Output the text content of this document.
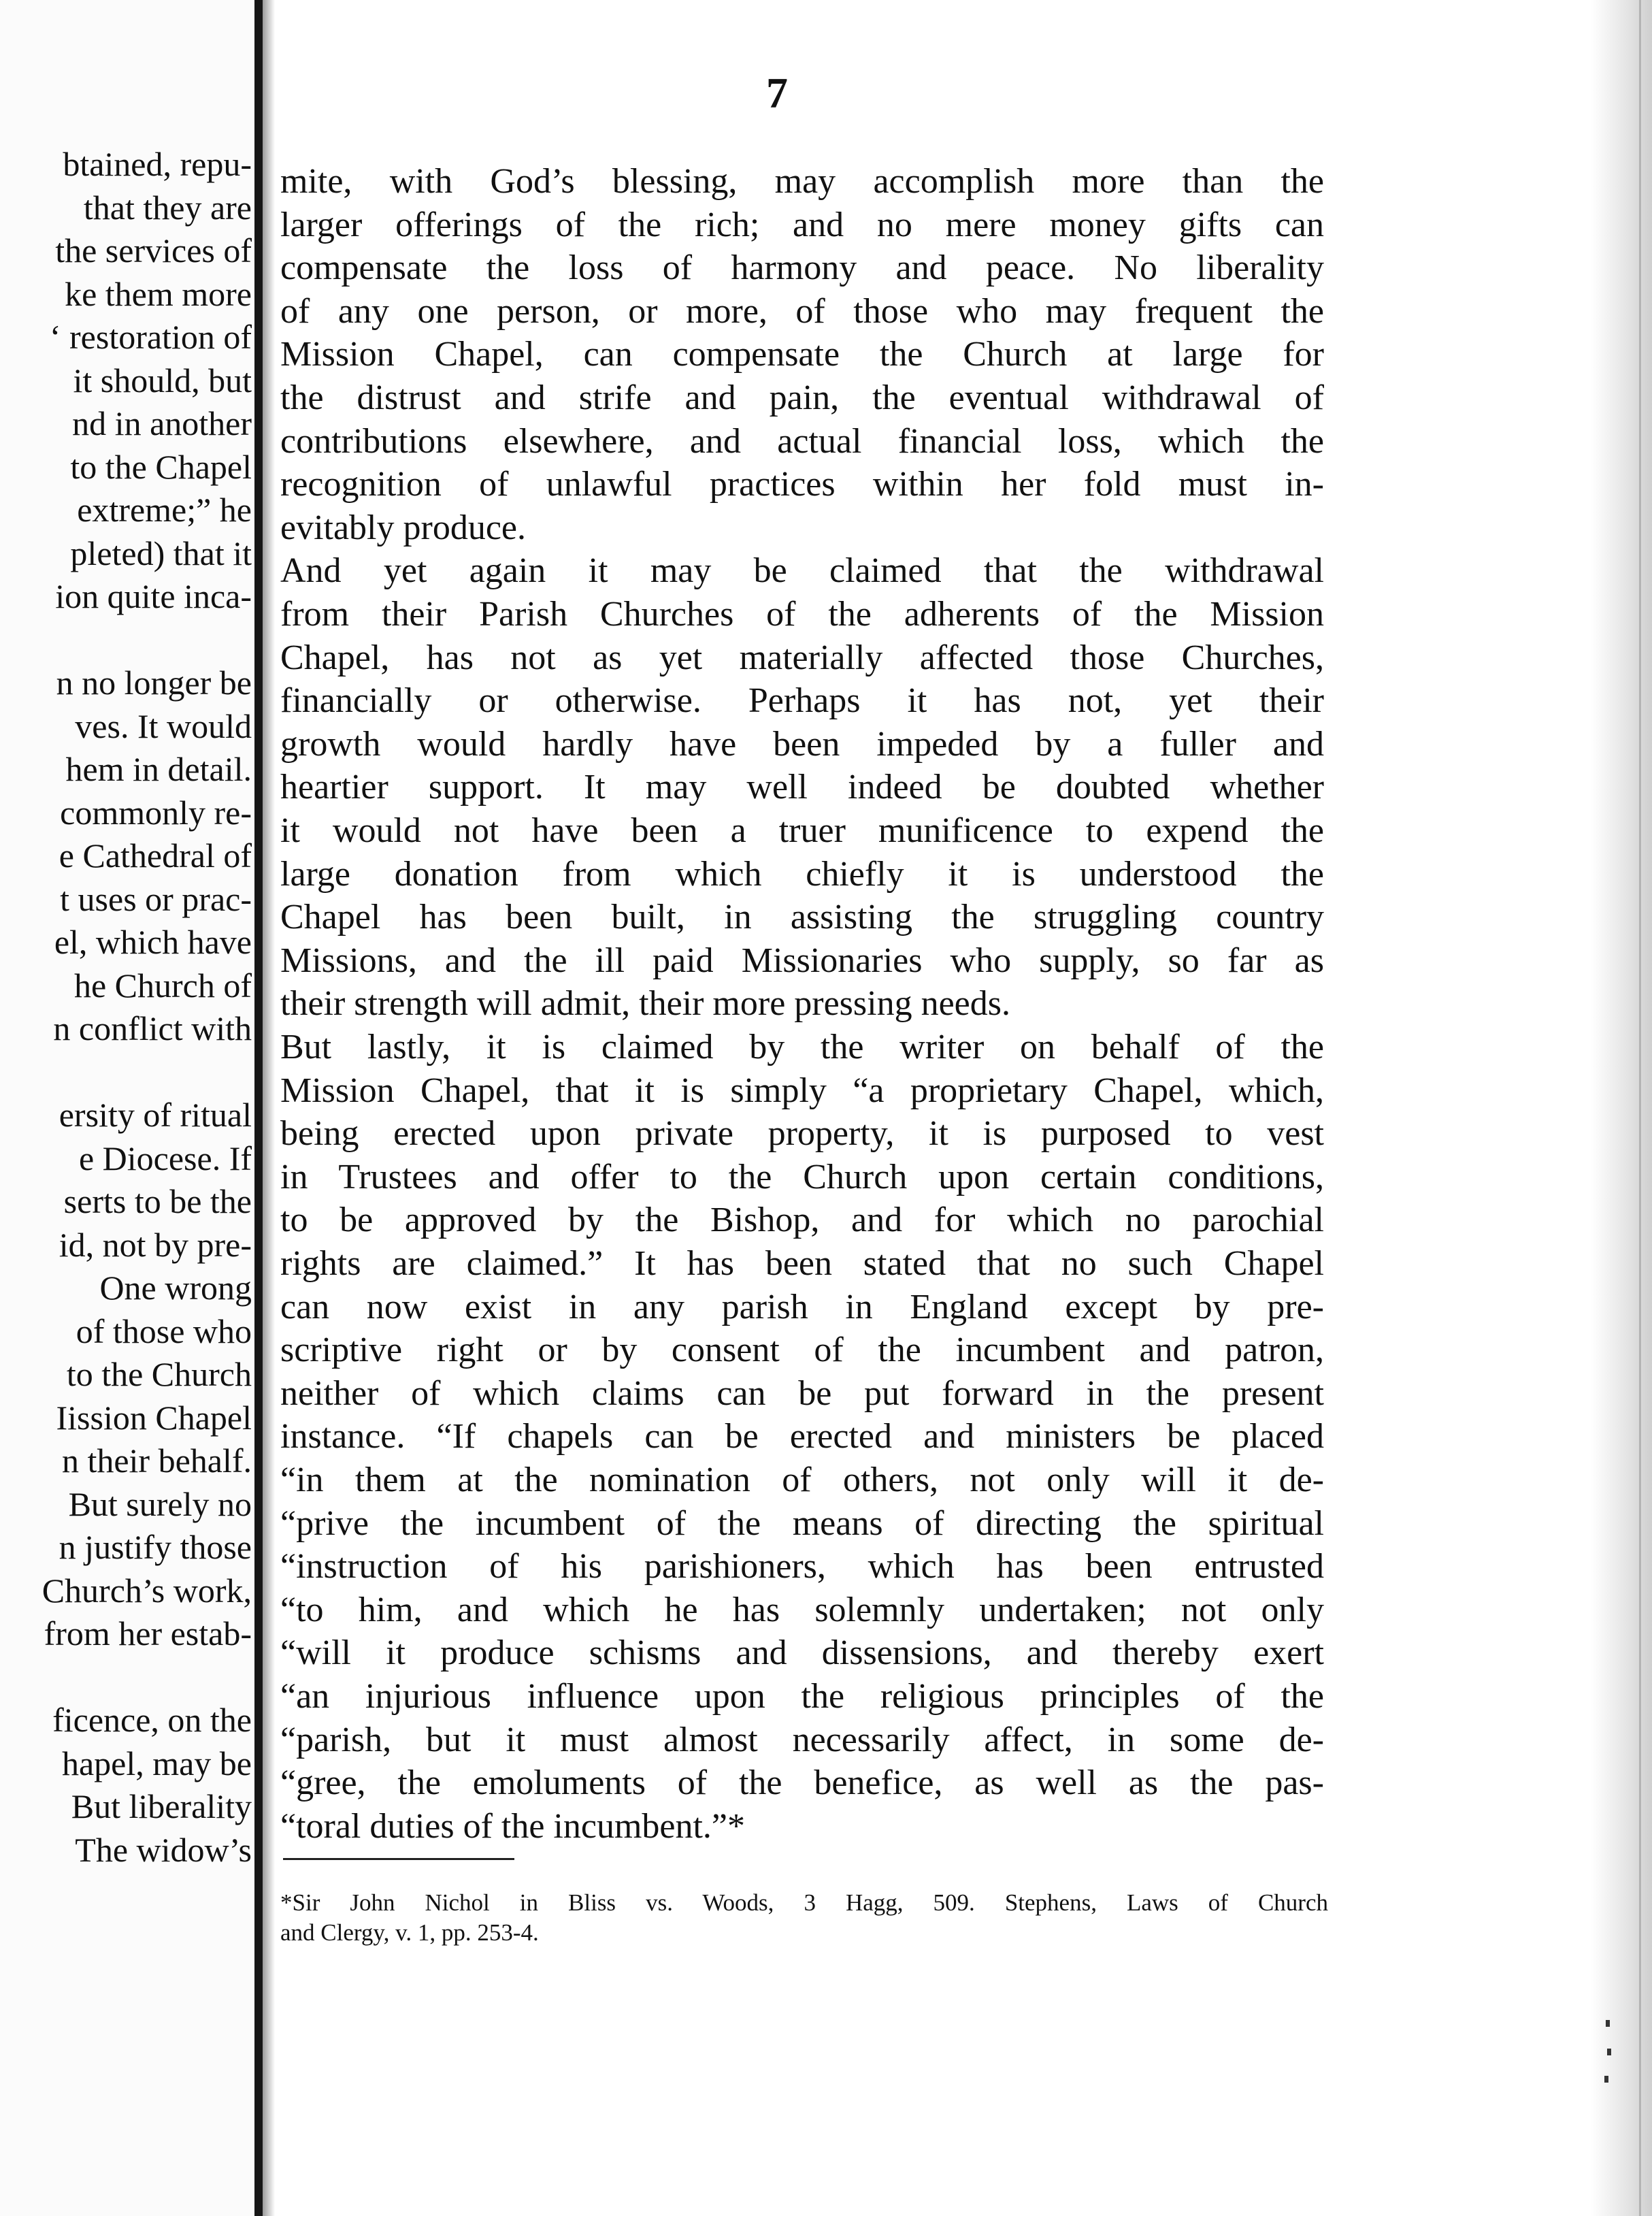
btained, repu-
that they are
the services of
ke them more
‘ restoration of
it should, but
nd in another
to the Chapel
extreme;” he
pleted) that it
ion quite inca-
n no longer be
ves. It would
hem in detail.
commonly re-
e Cathedral of
t uses or prac-
el, which have
he Church of
n conflict with
ersity of ritual
e Diocese. If
serts to be the
id, not by pre-
One wrong
of those who
to the Church
Iission Chapel
n their behalf.
But surely no
n justify those
Church’s work,
from her estab-
ficence, on the
hapel, may be
But liberality
The widow’s
7
mite, with God’s blessing, may accomplish more than the
larger offerings of the rich; and no mere money gifts can
compensate the loss of harmony and peace. No liberality
of any one person, or more, of those who may frequent the
Mission Chapel, can compensate the Church at large for
the distrust and strife and pain, the eventual withdrawal of
contributions elsewhere, and actual financial loss, which the
recognition of unlawful practices within her fold must in-
evitably produce.
And yet again it may be claimed that the withdrawal
from their Parish Churches of the adherents of the Mission
Chapel, has not as yet materially affected those Churches,
financially or otherwise. Perhaps it has not, yet their
growth would hardly have been impeded by a fuller and
heartier support. It may well indeed be doubted whether
it would not have been a truer munificence to expend the
large donation from which chiefly it is understood the
Chapel has been built, in assisting the struggling country
Missions, and the ill paid Missionaries who supply, so far as
their strength will admit, their more pressing needs.
But lastly, it is claimed by the writer on behalf of the
Mission Chapel, that it is simply “a proprietary Chapel, which,
being erected upon private property, it is purposed to vest
in Trustees and offer to the Church upon certain conditions,
to be approved by the Bishop, and for which no parochial
rights are claimed.” It has been stated that no such Chapel
can now exist in any parish in England except by pre-
scriptive right or by consent of the incumbent and patron,
neither of which claims can be put forward in the present
instance. “If chapels can be erected and ministers be placed
“in them at the nomination of others, not only will it de-
“prive the incumbent of the means of directing the spiritual
“instruction of his parishioners, which has been entrusted
“to him, and which he has solemnly undertaken; not only
“will it produce schisms and dissensions, and thereby exert
“an injurious influence upon the religious principles of the
“parish, but it must almost necessarily affect, in some de-
“gree, the emoluments of the benefice, as well as the pas-
“toral duties of the incumbent.”*
*Sir John Nichol in Bliss vs. Woods, 3 Hagg, 509. Stephens, Laws of Church
and Clergy, v. 1, pp. 253-4.
